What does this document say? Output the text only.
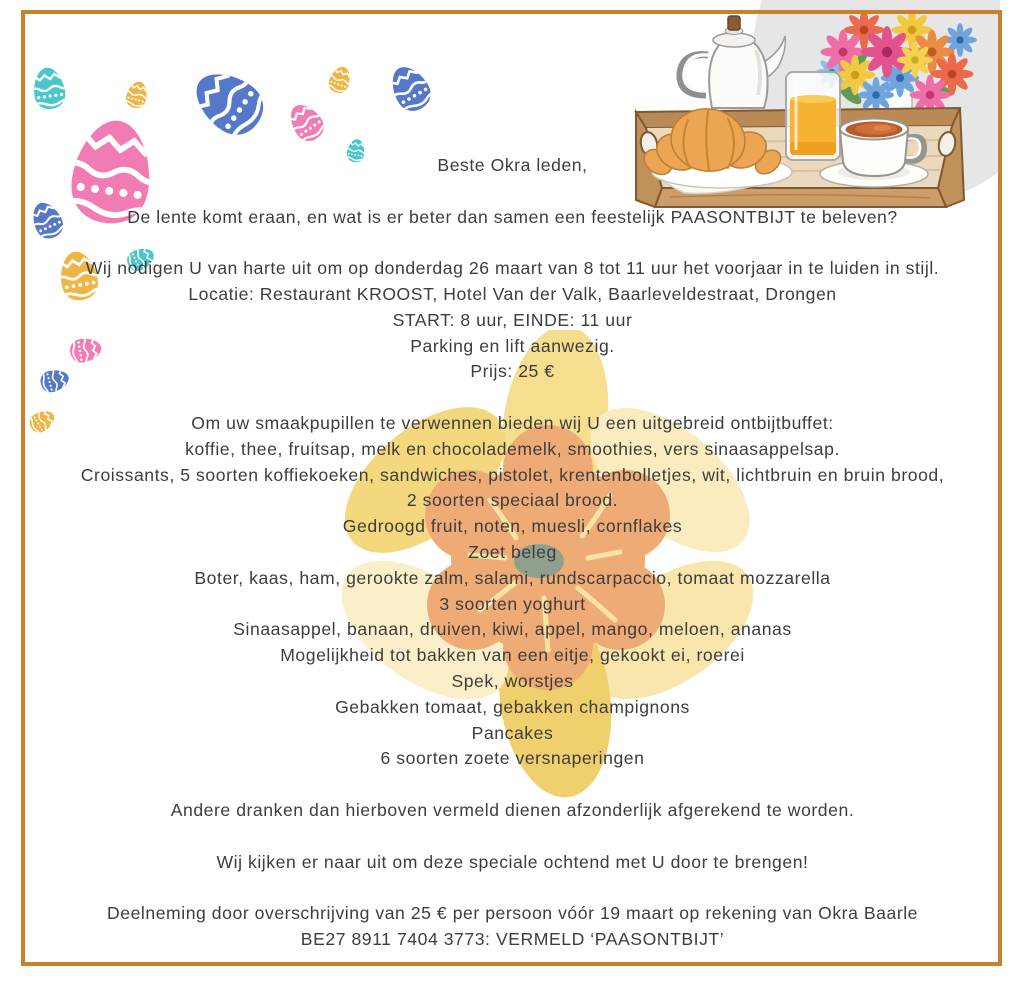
Beste Okra leden,
De lente komt eraan, en wat is er beter dan samen een feestelijk PAASONTBIJT te beleven?
Wij nodigen U van harte uit om op donderdag 26 maart van 8 tot 11 uur het voorjaar in te luiden in stijl.
Locatie: Restaurant KROOST, Hotel Van der Valk, Baarleveldestraat, Drongen
START: 8 uur, EINDE: 11 uur
Parking en lift aanwezig.
Prijs: 25 €
Om uw smaakpupillen te verwennen bieden wij U een uitgebreid ontbijtbuffet:
koffie, thee, fruitsap, melk en chocolademelk, smoothies, vers sinaasappelsap.
Croissants, 5 soorten koffiekoeken, sandwiches, pistolet, krentenbolletjes, wit, lichtbruin en bruin brood,
2 soorten speciaal brood.
Gedroogd fruit, noten, muesli, cornflakes
Zoet beleg
Boter, kaas, ham, gerookte zalm, salami, rundscarpaccio, tomaat mozzarella
3 soorten yoghurt
Sinaasappel, banaan, druiven, kiwi, appel, mango, meloen, ananas
Mogelijkheid tot bakken van een eitje, gekookt ei, roerei
Spek, worstjes
Gebakken tomaat, gebakken champignons
Pancakes
6 soorten zoete versnaperingen
Andere dranken dan hierboven vermeld dienen afzonderlijk afgerekend te worden.
Wij kijken er naar uit om deze speciale ochtend met U door te brengen!
Deelneming door overschrijving van 25 € per persoon vóór 19 maart op rekening van Okra Baarle
BE27 8911 7404 3773: VERMELD ‘PAASONTBIJT’
